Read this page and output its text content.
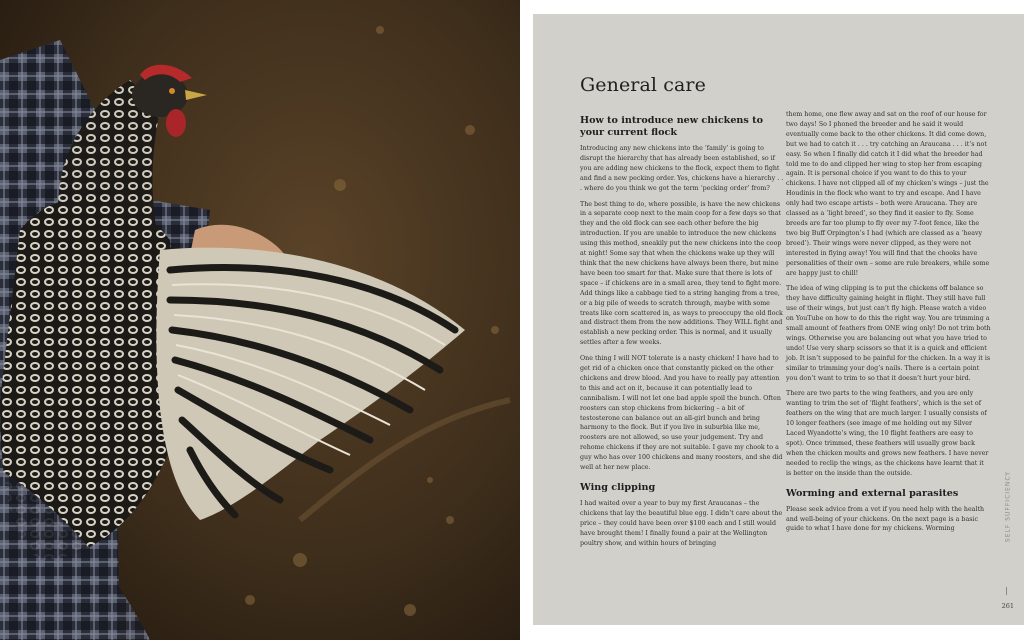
General care
How to introduce new chickens to your current flock

Introducing any new chickens into the ‘family’ is going to disrupt the hierarchy that has already been established, so if you are adding new chickens to the flock, expect them to fight and find a new pecking order. Yes, chickens have a hierarchy . . . where do you think we got the term ‘pecking order’ from?

The best thing to do, where possible, is have the new chickens in a separate coop next to the main coop for a few days so that they and the old flock can see each other before the big introduction. If you are unable to introduce the new chickens using this method, sneakily put the new chickens into the coop at night! Some say that when the chickens wake up they will think that the new chickens have always been there, but mine have been too smart for that. Make sure that there is lots of space – if chickens are in a small area, they tend to fight more. Add things like a cabbage tied to a string hanging from a tree, or a big pile of weeds to scratch through, maybe with some treats like corn scattered in, as ways to preoccupy the old flock and distract them from the new additions. They WILL fight and establish a new pecking order. This is normal, and it usually settles after a few weeks.

One thing I will NOT tolerate is a nasty chicken! I have had to get rid of a chicken once that constantly picked on the other chickens and drew blood. And you have to really pay attention to this and act on it, because it can potentially lead to cannibalism. I will not let one bad apple spoil the bunch. Often roosters can stop chickens from bickering – a bit of testosterone can balance out an all-girl bunch and bring harmony to the flock. But if you live in suburbia like me, roosters are not allowed, so use your judgement. Try and rehome chickens if they are not suitable. I gave my chook to a guy who has over 100 chickens and many roosters, and she did well at her new place.

Wing clipping

I had waited over a year to buy my first Araucanas – the chickens that lay the beautiful blue egg. I didn’t care about the price – they could have been over $100 each and I still would have brought them! I finally found a pair at the Wellington poultry show, and within hours of bringing

them home, one flew away and sat on the roof of our house for two days! So I phoned the breeder and he said it would eventually come back to the other chickens. It did come down, but we had to catch it . . . try catching an Araucana . . . it’s not easy. So when I finally did catch it I did what the breeder had told me to do and clipped her wing to stop her from escaping again. It is personal choice if you want to do this to your chickens. I have not clipped all of my chicken’s wings – just the Houdinis in the flock who want to try and escape. And I have only had two escape artists – both were Araucana. They are classed as a ‘light breed’, so they find it easier to fly. Some breeds are far too plump to fly over my 7-foot fence, like the two big Buff Orpington’s I had (which are classed as a ‘heavy breed’). Their wings were never clipped, as they were not interested in flying away! You will find that the chooks have personalities of their own – some are rule breakers, while some are happy just to chill!

The idea of wing clipping is to put the chickens off balance so they have difficulty gaining height in flight. They still have full use of their wings, but just can’t fly high. Please watch a video on YouTube on how to do this the right way. You are trimming a small amount of feathers from ONE wing only! Do not trim both wings. Otherwise you are balancing out what you have tried to undo! Use very sharp scissors so that it is a quick and efficient job. It isn’t supposed to be painful for the chicken. In a way it is similar to trimming your dog’s nails. There is a certain point you don’t want to trim to so that it doesn’t hurt your bird.

There are two parts to the wing feathers, and you are only wanting to trim the set of ‘flight feathers’, which is the set of feathers on the wing that are much larger. I usually consists of 10 longer feathers (see image of me holding out my Silver Laced Wyandotte’s wing, the 10 flight feathers are easy to spot). Once trimmed, these feathers will usually grow back when the chicken moults and grows new feathers. I have never needed to reclip the wings, as the chickens have learnt that it is better on the inside than the outside.

Worming and external parasites

Please seek advice from a vet if you need help with the health and well-being of your chickens. On the next page is a basic guide to what I have done for my chickens. Worming	SELF SUFFICIENCY
261
